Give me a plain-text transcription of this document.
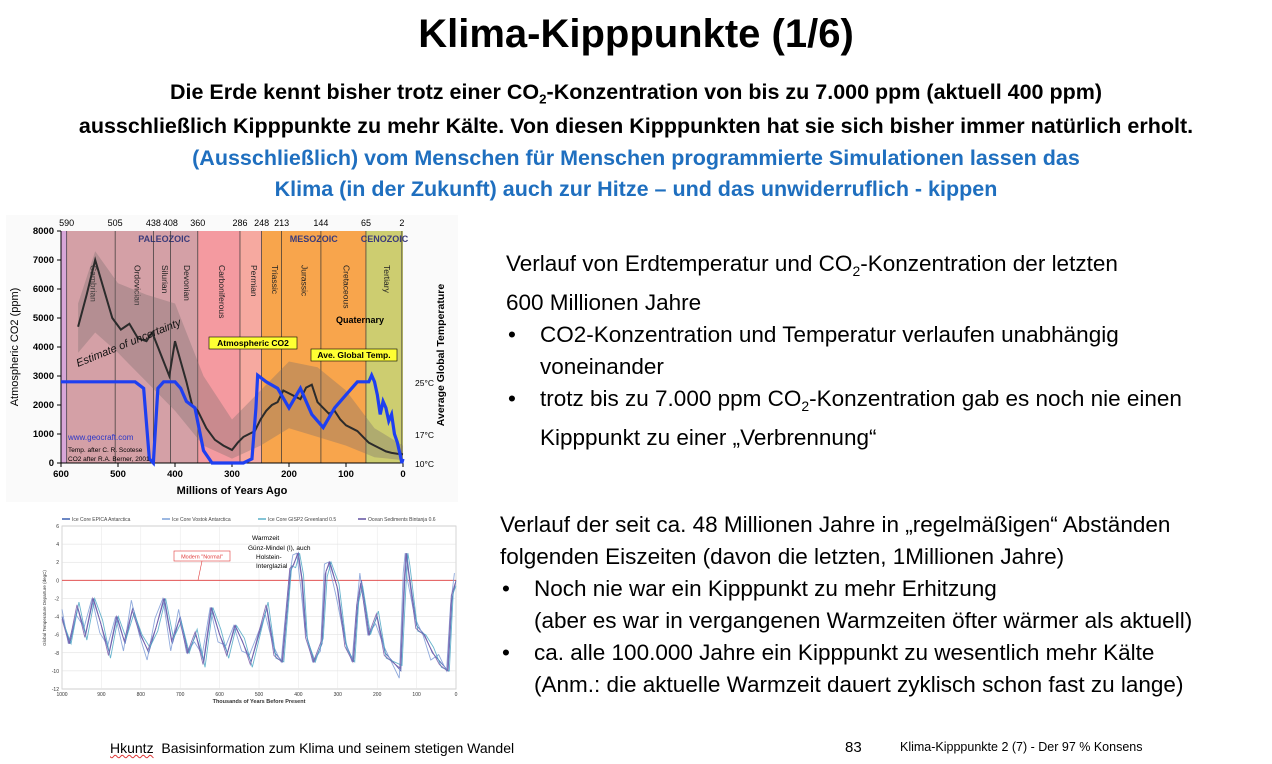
Klima-Kipppunkte (1/6)
Die Erde kennt bisher trotz einer $CO_2$-Konzentration von bis zu 7.000 ppm (aktuell 400 ppm)
ausschließlich Kipppunkte zu mehr Kälte. Von diesen Kipppunkten hat sie sich bisher immer natürlich erholt.
(Ausschließlich) vom Menschen für Menschen programmierte Simulationen lassen das
Klima (in der Zukunft) auch zur Hitze – und das unwiderruflich - kippen
PALEOZOIC	MESOZOIC	CENOZOIC
590	505	438 408 360	286 248 213	144	65	2
Ordovician Silurian Devonian	Carboniferous	Permian Triassic Jurassic	Cretaceous	Tertiary
0
1000
2000
3000
4000
5000
6000
7000
8000
600	500	400	300	200	100	0
Millions of Years Ago
Atmospheric CO2 (ppm)	Average Global Temperature
25°C
17°C
10°C
Estimate of uncertainty	Atmospheric CO2
Ave. Global Temp.
Quaternary
www.geocraft.com
Temp. after C. R. Scotese
CO2 after R.A. Berner, 2001
Ice Core EPICA Antarctica	Ice Core Vostok Antarctica	Ice Core GISP2 Greenland 0.5	Ocean Sediments Bintanja 0.6
6
4
2
0
-2
-4
-6
-8
-10
-12
1000	900	800	700	600	500	400	300	200	100	0
Thousands of Years Before Present
Global Temperature Departure (degC)
Modern "Normal"
Warmzeit
Günz-Mindel (I), auch
Holstein-
Interglazial
Verlauf von Erdtemperatur und $CO_2$-Konzentration der letzten
600 Millionen Jahre
• CO2-Konzentration und Temperatur verlaufen unabhängig voneinander
• trotz bis zu 7.000 ppm $CO_2$-Konzentration gab es noch nie einen Kipppunkt zu einer „Verbrennung“
Verlauf der seit ca. 48 Millionen Jahre in „regelmäßigen“ Abständen
folgenden Eiszeiten (davon die letzten, 1Millionen Jahre)
• Noch nie war ein Kipppunkt zu mehr Erhitzung
(aber es war in vergangenen Warmzeiten öfter wärmer als aktuell)
• ca. alle 100.000 Jahre ein Kipppunkt zu wesentlich mehr Kälte
(Anm.: die aktuelle Warmzeit dauert zyklisch schon fast zu lange)
Hkuntz Basisinformation zum Klima und seinem stetigen Wandel	83	Klima-Kipppunkte 2 (7) - Der 97 % Konsens
